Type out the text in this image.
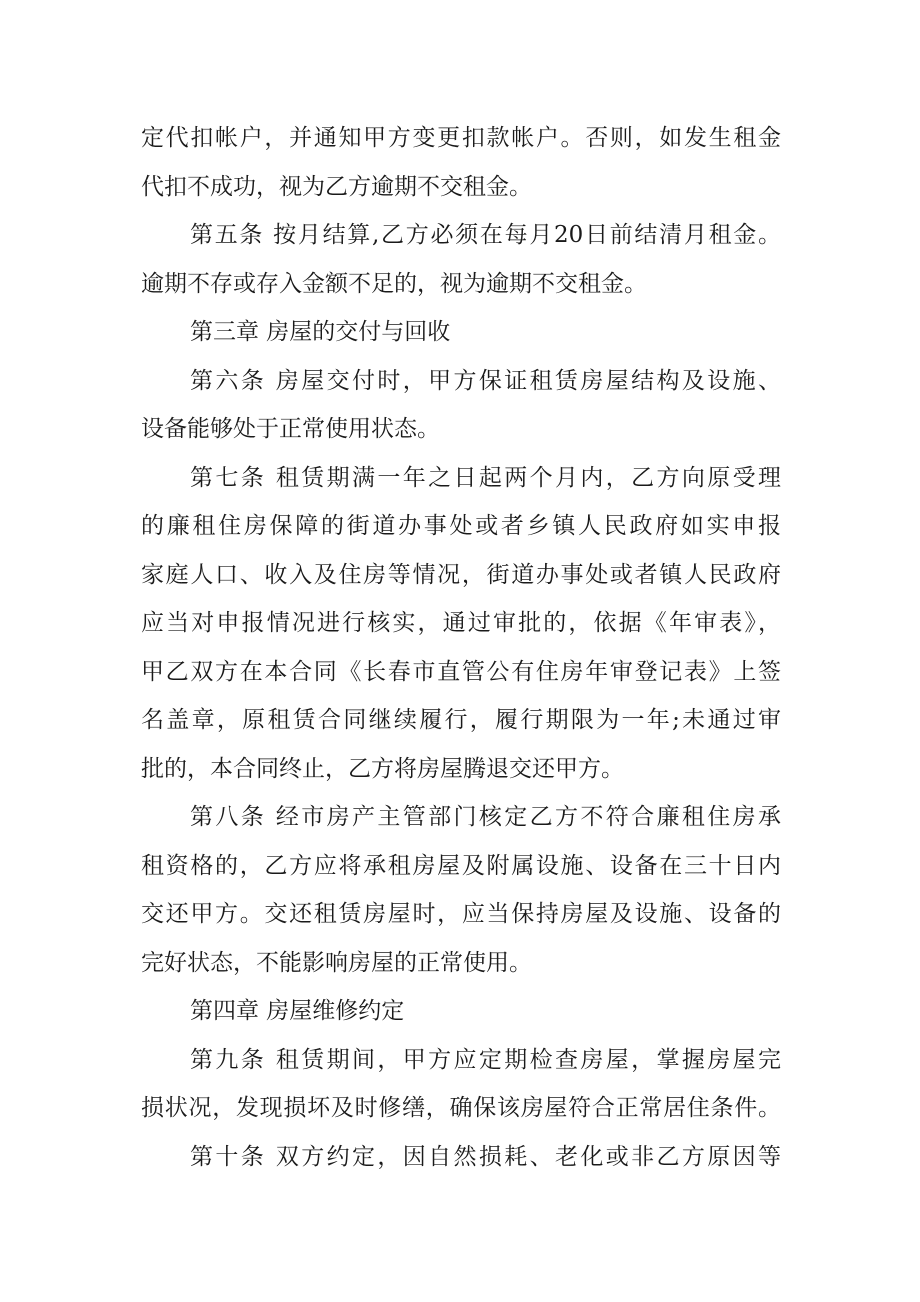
定代扣帐户，并通知甲方变更扣款帐户。否则，如发生租金
代扣不成功，视为乙方逾期不交租金。
第五条 按月结算,乙方必须在每月20日前结清月租金。
逾期不存或存入金额不足的，视为逾期不交租金。
第三章 房屋的交付与回收
第六条 房屋交付时，甲方保证租赁房屋结构及设施、
设备能够处于正常使用状态。
第七条 租赁期满一年之日起两个月内，乙方向原受理
的廉租住房保障的街道办事处或者乡镇人民政府如实申报
家庭人口、收入及住房等情况，街道办事处或者镇人民政府
应当对申报情况进行核实，通过审批的，依据《年审表》，
甲乙双方在本合同《长春市直管公有住房年审登记表》上签
名盖章，原租赁合同继续履行，履行期限为一年;未通过审
批的，本合同终止，乙方将房屋腾退交还甲方。
第八条 经市房产主管部门核定乙方不符合廉租住房承
租资格的，乙方应将承租房屋及附属设施、设备在三十日内
交还甲方。交还租赁房屋时，应当保持房屋及设施、设备的
完好状态，不能影响房屋的正常使用。
第四章 房屋维修约定
第九条 租赁期间，甲方应定期检查房屋，掌握房屋完
损状况，发现损坏及时修缮，确保该房屋符合正常居住条件。
第十条 双方约定，因自然损耗、老化或非乙方原因等
